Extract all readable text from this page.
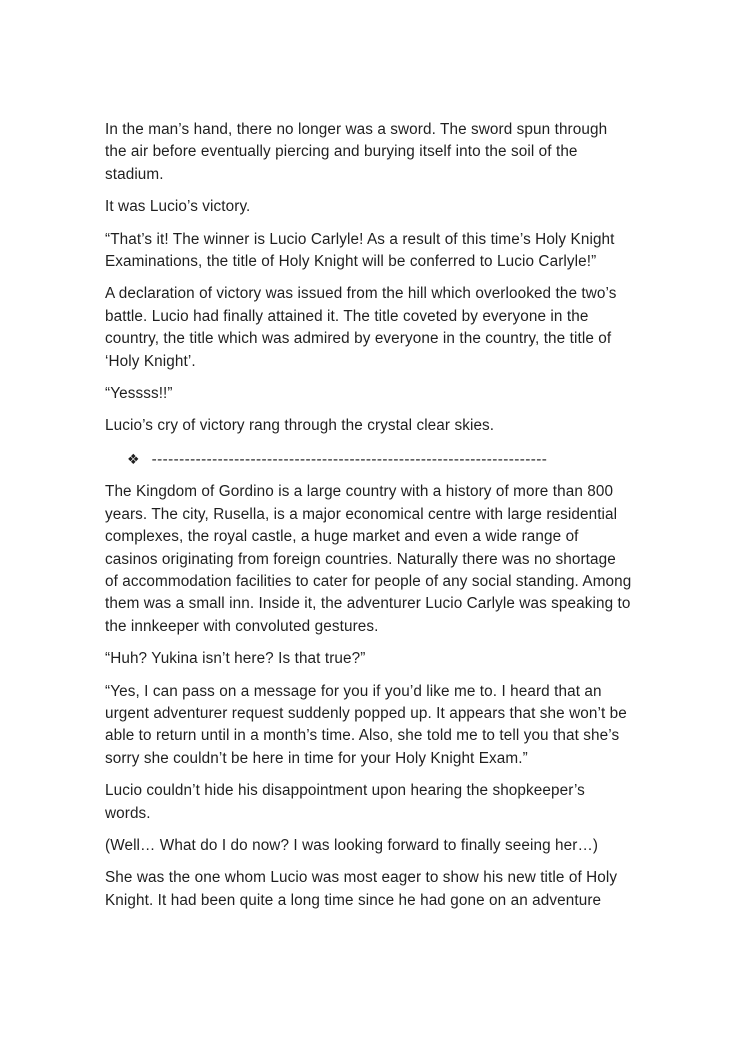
In the man’s hand, there no longer was a sword. The sword spun through the air before eventually piercing and burying itself into the soil of the stadium.

It was Lucio’s victory.

“That’s it! The winner is Lucio Carlyle! As a result of this time’s Holy Knight Examinations, the title of Holy Knight will be conferred to Lucio Carlyle!”

A declaration of victory was issued from the hill which overlooked the two’s battle. Lucio had finally attained it. The title coveted by everyone in the country, the title which was admired by everyone in the country, the title of ‘Holy Knight’.

“Yessss!!”

Lucio’s cry of victory rang through the crystal clear skies.

❖ ------------------------------------------------------------------------

The Kingdom of Gordino is a large country with a history of more than 800 years. The city, Rusella, is a major economical centre with large residential complexes, the royal castle, a huge market and even a wide range of casinos originating from foreign countries. Naturally there was no shortage of accommodation facilities to cater for people of any social standing. Among them was a small inn. Inside it, the adventurer Lucio Carlyle was speaking to the innkeeper with convoluted gestures.

“Huh? Yukina isn’t here? Is that true?”

“Yes, I can pass on a message for you if you’d like me to. I heard that an urgent adventurer request suddenly popped up. It appears that she won’t be able to return until in a month’s time. Also, she told me to tell you that she’s sorry she couldn’t be here in time for your Holy Knight Exam.”

Lucio couldn’t hide his disappointment upon hearing the shopkeeper’s words.

(Well… What do I do now? I was looking forward to finally seeing her…)

She was the one whom Lucio was most eager to show his new title of Holy Knight. It had been quite a long time since he had gone on an adventure
